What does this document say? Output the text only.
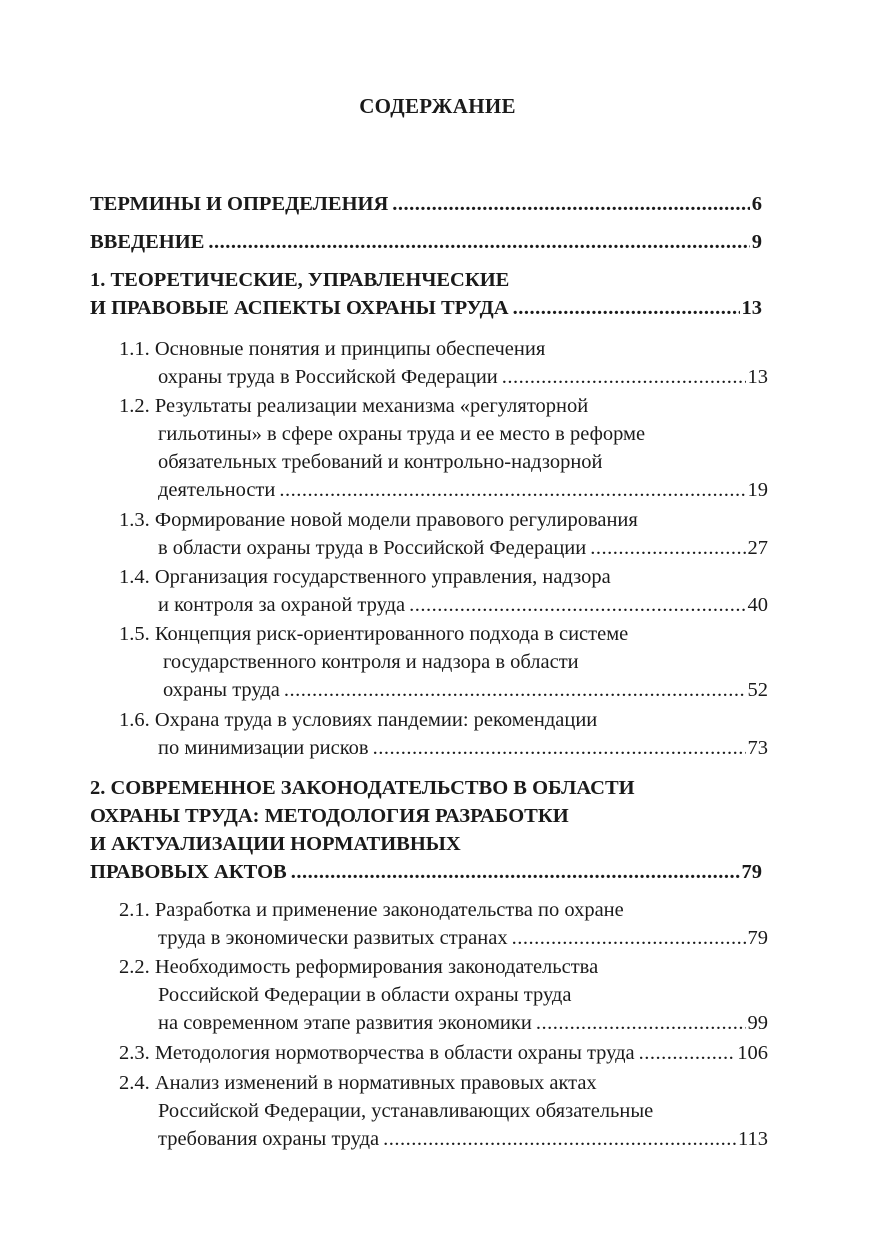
СОДЕРЖАНИЕ
ТЕРМИНЫ И ОПРЕДЕЛЕНИЯ .....	6
ВВЕДЕНИЕ .....	9
1. ТЕОРЕТИЧЕСКИЕ, УПРАВЛЕНЧЕСКИЕ
И ПРАВОВЫЕ АСПЕКТЫ ОХРАНЫ ТРУДА .....	13
1.1. Основные понятия и принципы обеспечения
охраны труда в Российской Федерации .....	13
1.2. Результаты реализации механизма «регуляторной
гильотины» в сфере охраны труда и ее место в реформе
обязательных требований и контрольно-надзорной
деятельности .....	19
1.3. Формирование новой модели правового регулирования
в области охраны труда в Российской Федерации .....	27
1.4. Организация государственного управления, надзора
и контроля за охраной труда .....	40
1.5. Концепция риск-ориентированного подхода в системе
государственного контроля и надзора в области
охраны труда .....	52
1.6. Охрана труда в условиях пандемии: рекомендации
по минимизации рисков .....	73
2. СОВРЕМЕННОЕ ЗАКОНОДАТЕЛЬСТВО В ОБЛАСТИ
ОХРАНЫ ТРУДА: МЕТОДОЛОГИЯ РАЗРАБОТКИ
И АКТУАЛИЗАЦИИ НОРМАТИВНЫХ
ПРАВОВЫХ АКТОВ .....	79
2.1. Разработка и применение законодательства по охране
труда в экономически развитых странах .....	79
2.2. Необходимость реформирования законодательства
Российской Федерации в области охраны труда
на современном этапе развития экономики .....	99
2.3. Методология нормотворчества в области охраны труда .....	106
2.4. Анализ изменений в нормативных правовых актах
Российской Федерации, устанавливающих обязательные
требования охраны труда .....	113
